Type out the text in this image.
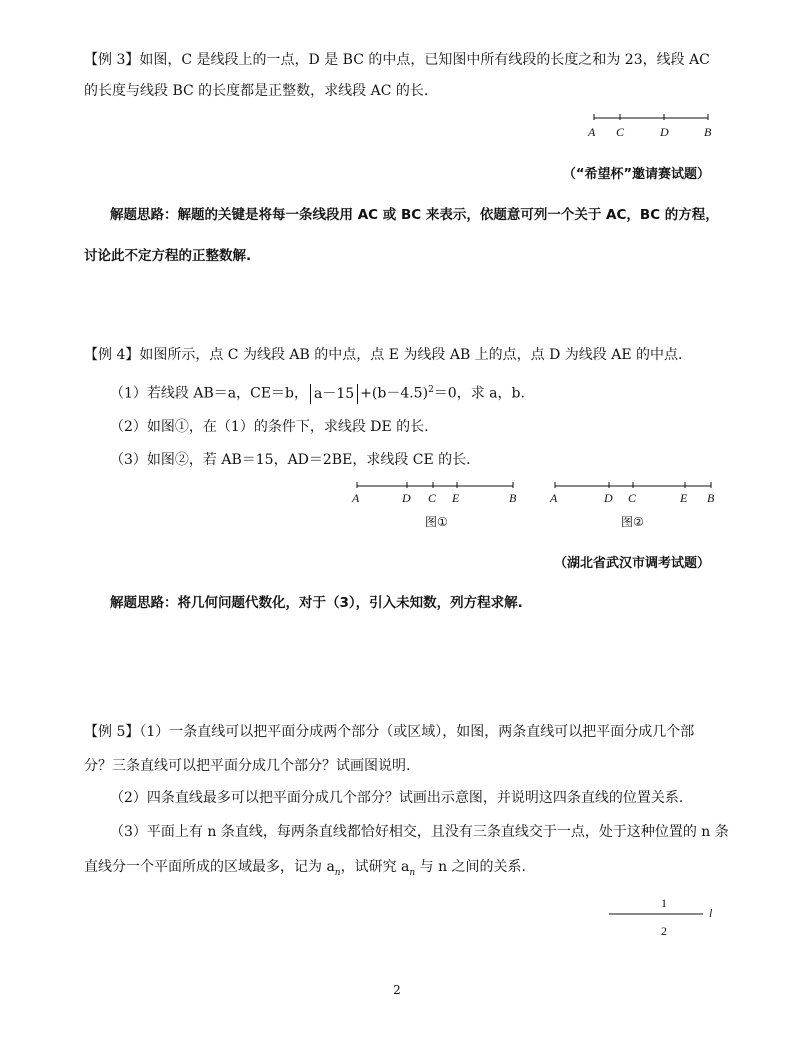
【例 3】如图，C 是线段上的一点，D 是 BC 的中点，已知图中所有线段的长度之和为 23，线段 AC
的长度与线段 BC 的长度都是正整数，求线段 AC 的长.
A C	D	B
（“希望杯”邀请赛试题）
解题思路：解题的关键是将每一条线段用 AC 或 BC 来表示，依题意可列一个关于 AC，BC 的方程，
讨论此不定方程的正整数解.
【例 4】如图所示，点 C 为线段 AB 的中点，点 E 为线段 AB 上的点，点 D 为线段 AE 的中点.
（1）若线段 AB＝a，CE＝b， $a-15 +(b-4.5)^2=0$，求 a，b.
（2）如图①，在（1）的条件下，求线段 DE 的长.
（3）如图②，若 AB＝15，AD＝2BE，求线段 CE 的长.
A	D C E	B
图①
A	D C	E B
图②
（湖北省武汉市调考试题）
解题思路：将几何问题代数化，对于（3），引入未知数，列方程求解.
【例 5】（1）一条直线可以把平面分成两个部分（或区域），如图，两条直线可以把平面分成几个部
分？三条直线可以把平面分成几个部分？试画图说明.
（2）四条直线最多可以把平面分成几个部分？试画出示意图，并说明这四条直线的位置关系.
（3）平面上有 n 条直线，每两条直线都恰好相交，且没有三条直线交于一点，处于这种位置的 n 条
直线分一个平面所成的区域最多，记为 $a_n$，试研究 $a_n$ 与 n 之间的关系.
1
l
2
2
